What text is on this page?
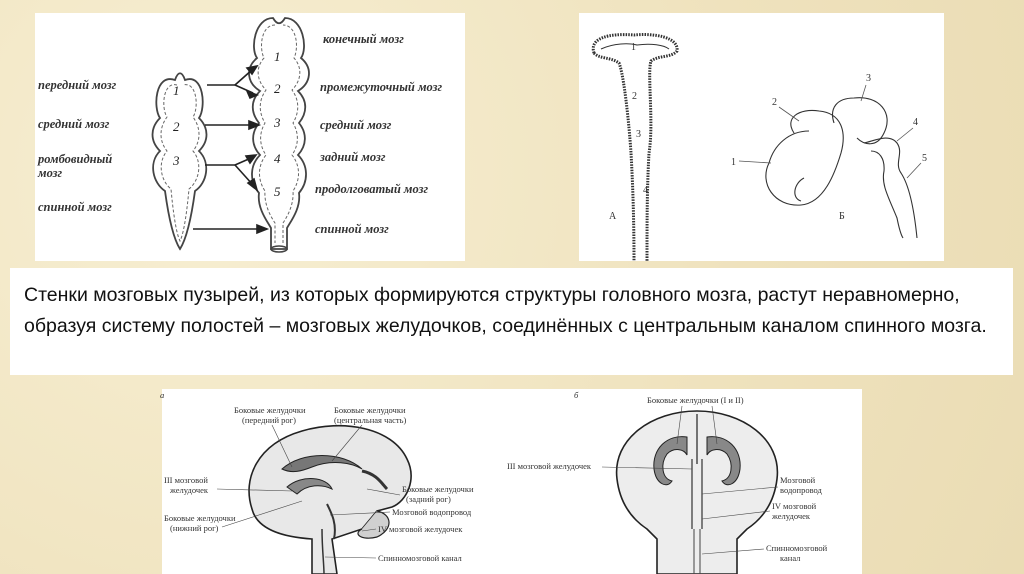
1
2
3
1
2
3
4
5
передний мозг
средний мозг
ромбовидный
мозг
спинной мозг
конечный мозг
промежуточный мозг
средний мозг
задний мозг
продолговатый мозг
спинной мозг
1
2
3
4
А
1
2
3
4
5
Б
Стенки мозговых пузырей, из которых формируются структуры головного мозга, растут неравномерно, образуя систему полостей – мозговых желудочков, соединённых с центральным каналом спинного мозга.
а
Боковые желудочки
(передний рог)
Боковые желудочки
(центральная часть)
III мозговой
желудочек	Боковые желудочки
(задний рог)
Мозговой водопровод
Боковые желудочки
(нижний рог)	IV мозговой желудочек
Спинномозговой канал
б	Боковые желудочки (I и II)
III мозговой желудочек
Мозговой
водопровод
IV мозговой
желудочек
Спинномозговой
канал
